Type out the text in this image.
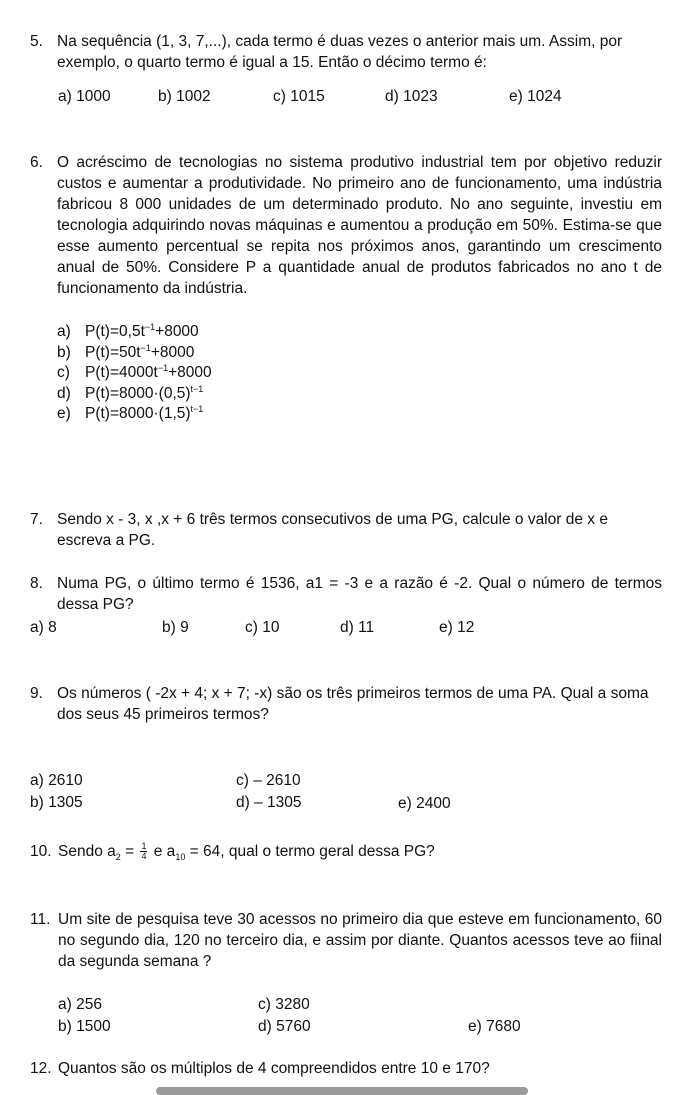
5. Na sequência (1, 3, 7,...), cada termo é duas vezes o anterior mais um. Assim, por exemplo, o quarto termo é igual a 15. Então o décimo termo é:
a) 1000	b) 1002	c) 1015	d) 1023	e) 1024
6. O acréscimo de tecnologias no sistema produtivo industrial tem por objetivo reduzir custos e aumentar a produtividade. No primeiro ano de funcionamento, uma indústria fabricou 8 000 unidades de um determinado produto. No ano seguinte, investiu em tecnologia adquirindo novas máquinas e aumentou a produção em 50%. Estima-se que esse aumento percentual se repita nos próximos anos, garantindo um crescimento anual de 50%. Considere P a quantidade anual de produtos fabricados no ano t de funcionamento da indústria.
a) $P(t)=0,5t^{-1}+8000$
b) $P(t)=50t^{-1}+8000$
c) $P(t)=4000t^{-1}+8000$
d) $P(t)=8000\cdot(0,5)^{t-1}$
e) $P(t)=8000\cdot(1,5)^{t-1}$
7. Sendo x - 3, x ,x + 6 três termos consecutivos de uma PG, calcule o valor de x e escreva a PG.
8. Numa PG, o último termo é 1536, a1 = -3 e a razão é -2. Qual o número de termos dessa PG?
a) 8	b) 9	c) 10	d) 11	e) 12
9. Os números ( -2x + 4; x + 7; -x) são os três primeiros termos de uma PA. Qual a soma dos seus 45 primeiros termos?
a) 2610	c) – 2610
b) 1305	d) – 1305	e) 2400
10. Sendo $a_2 = \frac{1}{4}$ e $a_{10} = 64$, qual o termo geral dessa PG?
11. Um site de pesquisa teve 30 acessos no primeiro dia que esteve em funcionamento, 60 no segundo dia, 120 no terceiro dia, e assim por diante. Quantos acessos teve ao fiinal da segunda semana ?
a) 256	c) 3280
b) 1500	d) 5760	e) 7680
12. Quantos são os múltiplos de 4 compreendidos entre 10 e 170?
